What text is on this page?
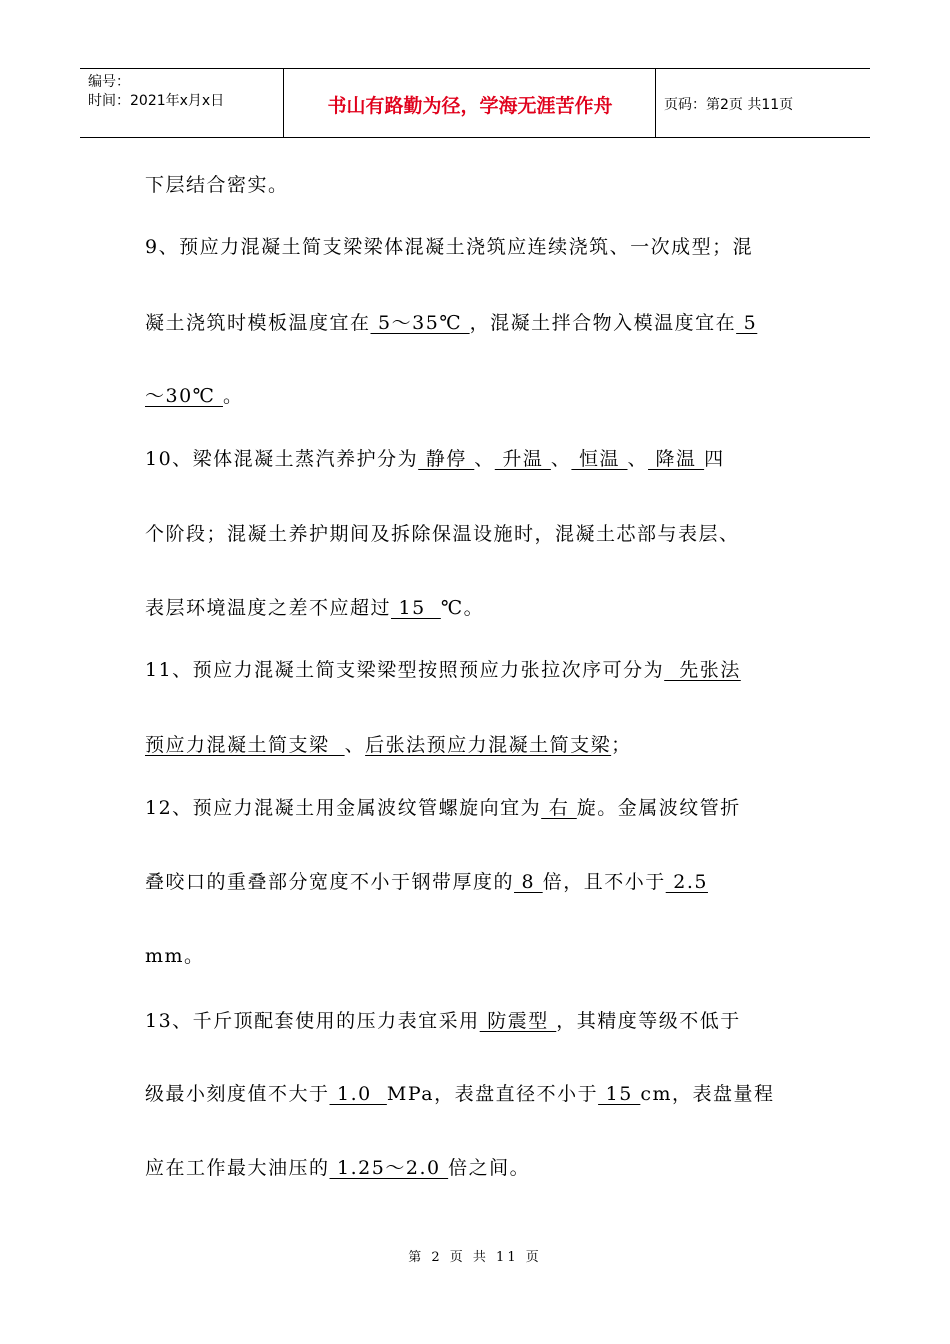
编号：
时间：2021年x月x日	书山有路勤为径，学海无涯苦作舟	页码：第2页 共11页
下层结合密实。
9、预应力混凝土简支梁梁体混凝土浇筑应连续浇筑、一次成型；混
凝土浇筑时模板温度宜在 5～35℃ ，混凝土拌合物入模温度宜在 5
～30℃ 。
10、梁体混凝土蒸汽养护分为 静停 、 升温 、 恒温 、 降温 四
个阶段；混凝土养护期间及拆除保温设施时，混凝土芯部与表层、
表层环境温度之差不应超过 15  ℃。
11、预应力混凝土简支梁梁型按照预应力张拉次序可分为  先张法
预应力混凝土简支梁  、后张法预应力混凝土简支梁；
12、预应力混凝土用金属波纹管螺旋向宜为 右 旋。金属波纹管折
叠咬口的重叠部分宽度不小于钢带厚度的 8 倍，且不小于 2.5
mm。
13、千斤顶配套使用的压力表宜采用 防震型 ，其精度等级不低于
级最小刻度值不大于 1.0  MPa，表盘直径不小于 15 cm，表盘量程
应在工作最大油压的 1.25～2.0 倍之间。
第 2 页 共 11 页
